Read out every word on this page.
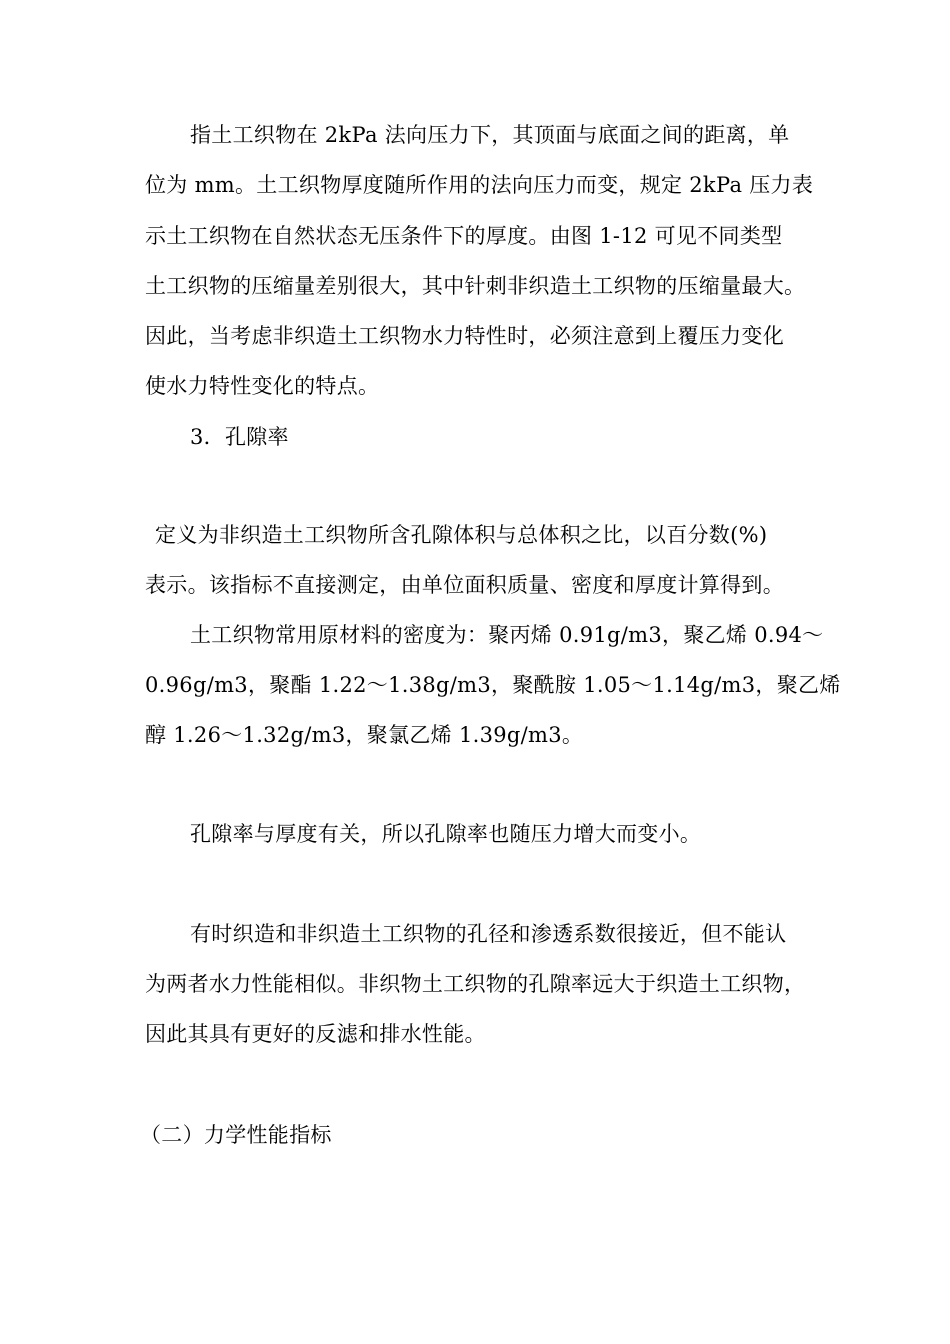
指土工织物在 2kPa 法向压力下，其顶面与底面之间的距离，单
位为 mm。土工织物厚度随所作用的法向压力而变，规定 2kPa 压力表
示土工织物在自然状态无压条件下的厚度。由图 1-12 可见不同类型
土工织物的压缩量差别很大，其中针刺非织造土工织物的压缩量最大。
因此，当考虑非织造土工织物水力特性时，必须注意到上覆压力变化
使水力特性变化的特点。
3．孔隙率
定义为非织造土工织物所含孔隙体积与总体积之比，以百分数(%)
表示。该指标不直接测定，由单位面积质量、密度和厚度计算得到。
土工织物常用原材料的密度为：聚丙烯 0.91g/m3，聚乙烯 0.94～
0.96g/m3，聚酯 1.22～1.38g/m3，聚酰胺 1.05～1.14g/m3，聚乙烯
醇 1.26～1.32g/m3，聚氯乙烯 1.39g/m3。
孔隙率与厚度有关，所以孔隙率也随压力增大而变小。
有时织造和非织造土工织物的孔径和渗透系数很接近，但不能认
为两者水力性能相似。非织物土工织物的孔隙率远大于织造土工织物，
因此其具有更好的反滤和排水性能。
（二）力学性能指标
